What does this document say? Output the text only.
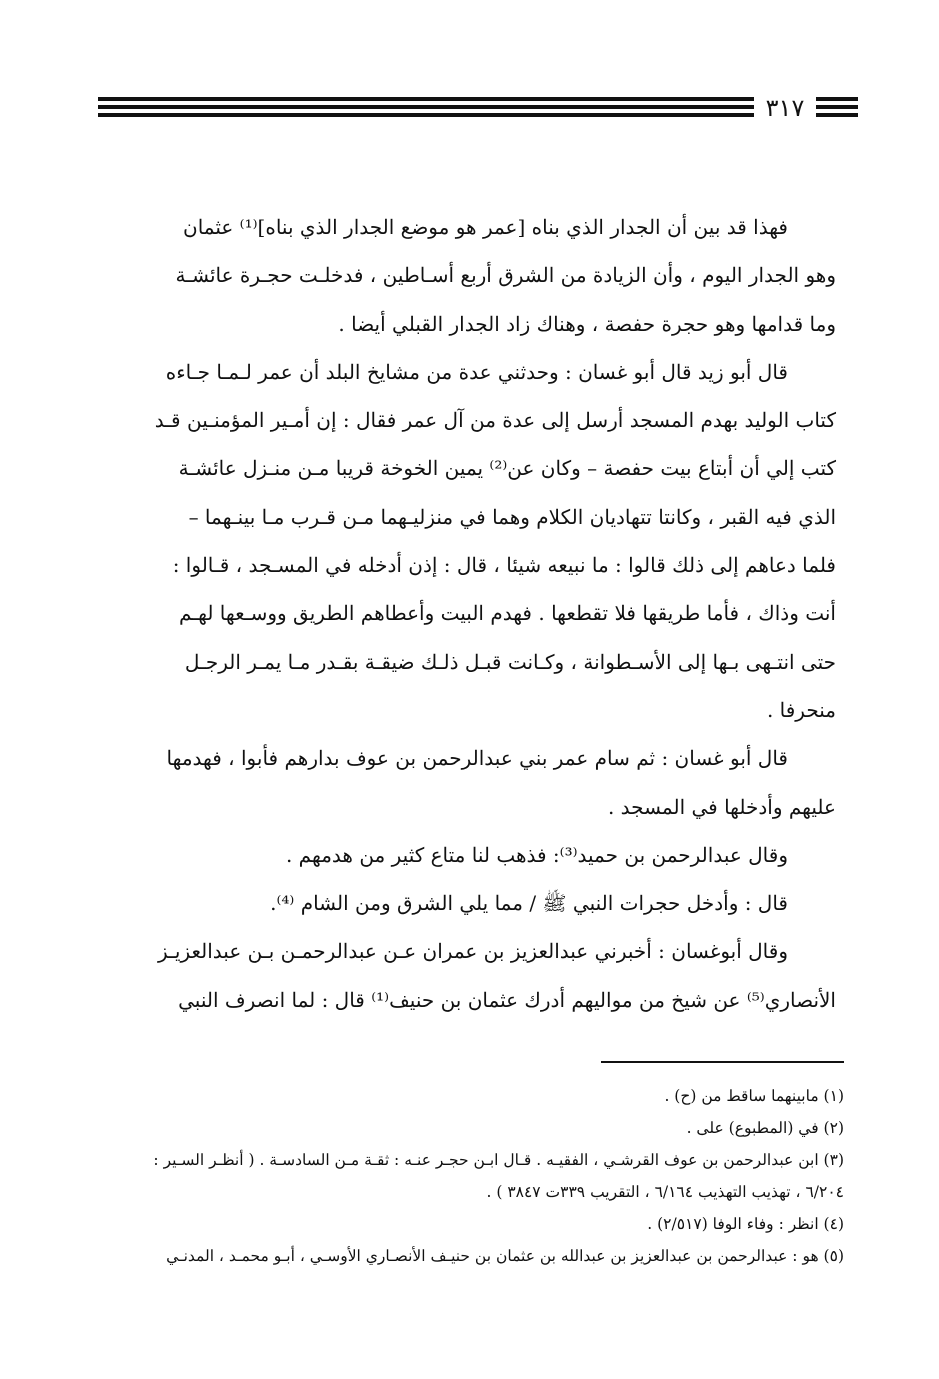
٣١٧

فهذا قد بين أن الجدار الذي بناه [عمر هو موضع الجدار الذي بناه]⁽¹⁾ عثمان

وهو الجدار اليوم ، وأن الزيادة من الشرق أربع أسـاطين ، فدخلـت حجـرة عائشـة

وما قدامها وهو حجرة حفصة ، وهناك زاد الجدار القبلي أيضا .

قال أبو زيد قال أبو غسان : وحدثني عدة من مشايخ البلد أن عمر لـمـا جـاءه

كتاب الوليد بهدم المسجد أرسل إلى عدة من آل عمر فقال : إن أمـير المؤمنـين قـد

كتب إلي أن أبتاع بيت حفصة – وكان عن⁽²⁾ يمين الخوخة قريبا مـن منـزل عائشـة

الذي فيه القبر ، وكانتا تتهاديان الكلام وهما في منزليـهما مـن قـرب مـا بينـهما –

فلما دعاهم إلى ذلك قالوا : ما نبيعه شيئا ، قال : إذن أدخله في المسـجد ، قـالوا :

أنت وذاك ، فأما طريقها فلا تقطعها . فهدم البيت وأعطاهم الطريق ووسـعها لهـم

حتى انتـهى بـها إلى الأسـطوانة ، وكـانت قبـل ذلـك ضيقـة بقـدر مـا يمـر الرجـل

منحرفا .

قال أبو غسان : ثم سام عمر بني عبدالرحمن بن عوف بدارهم فأبوا ، فهدمها

عليهم وأدخلها في المسجد .

وقال عبدالرحمن بن حميد⁽³⁾: فذهب لنا متاع كثير من هدمهم .

قال : وأدخل حجرات النبي ﷺ / مما يلي الشرق ومن الشام ⁽⁴⁾.

وقال أبوغسان : أخبرني عبدالعزيز بن عمران عـن عبدالرحمـن بـن عبدالعزيـز

الأنصاري⁽⁵⁾ عن شيخ من مواليهم أدرك عثمان بن حنيف⁽¹⁾ قال : لما انصرف النبي

(١) مابينهما ساقط من (ح) .

(٢) في (المطبوع) على .

(٣) ابن عبدالرحمن بن عوف القرشـي ، الفقيـه . قـال ابـن حجـر عنـه : ثقـة مـن السادسـة . ( أنظـر السـير :

٦/٢٠٤ ، تهذيب التهذيب ٦/١٦٤ ، التقريب ٣٣٩ت ٣٨٤٧ ) .

(٤) انظر : وفاء الوفا (٢/٥١٧) .

(٥) هو : عبدالرحمن بن عبدالعزيز بن عبدالله بن عثمان بن حنيـف الأنصـاري الأوسـي ، أبـو محمـد ، المدنـي
